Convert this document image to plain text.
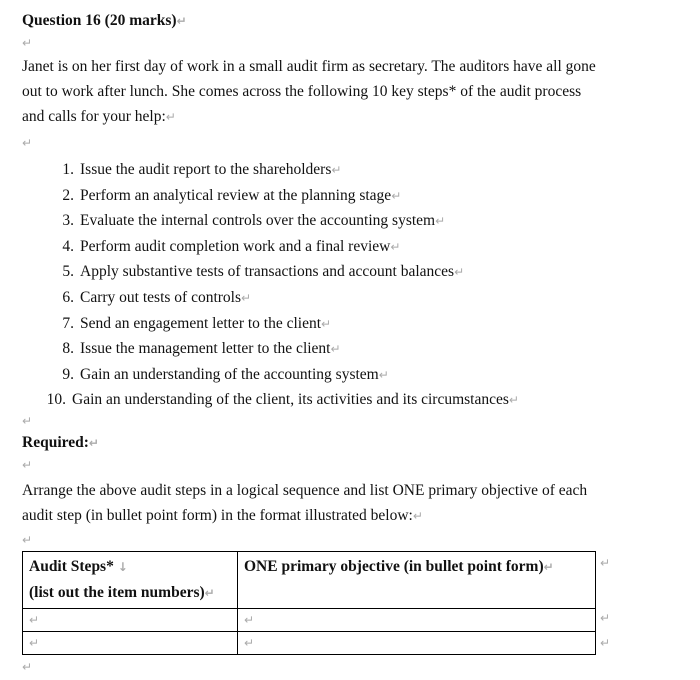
Question 16 (20 marks)↵
↵
Janet is on her first day of work in a small audit firm as secretary. The auditors have all gone
out to work after lunch. She comes across the following 10 key steps* of the audit process
and calls for your help:↵
↵
1. Issue the audit report to the shareholders↵
2. Perform an analytical review at the planning stage↵
3. Evaluate the internal controls over the accounting system↵
4. Perform audit completion work and a final review↵
5. Apply substantive tests of transactions and account balances↵
6. Carry out tests of controls↵
7. Send an engagement letter to the client↵
8. Issue the management letter to the client↵
9. Gain an understanding of the accounting system↵
10. Gain an understanding of the client, its activities and its circumstances↵
↵
Required:↵
↵
Arrange the above audit steps in a logical sequence and list ONE primary objective of each
audit step (in bullet point form) in the format illustrated below:↵
↵
Audit Steps* ↓
(list out the item numbers)↵	ONE primary objective (in bullet point form)↵
↵	↵
↵	↵
↵
↵
↵
↵
